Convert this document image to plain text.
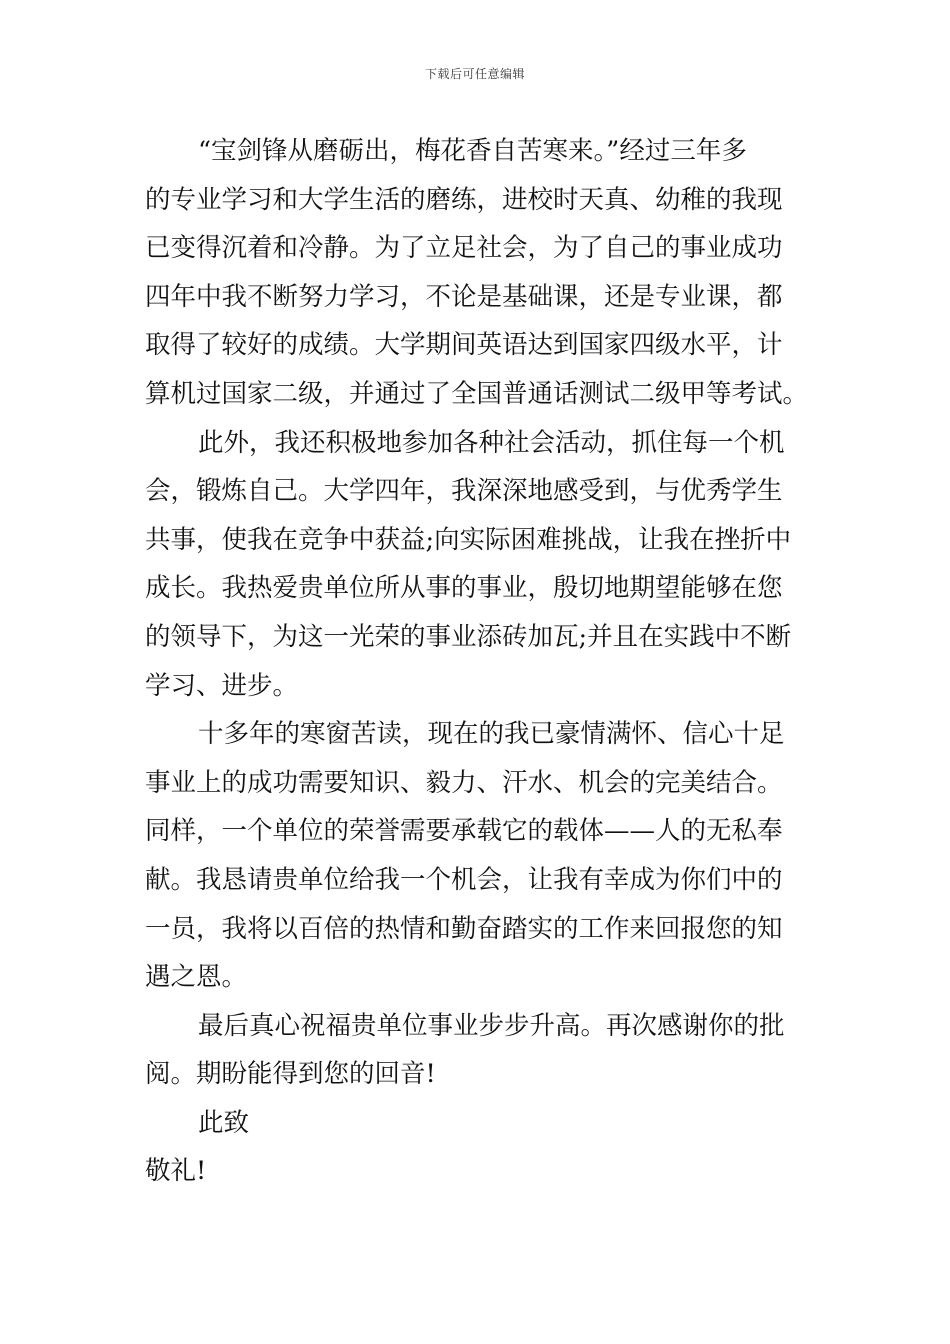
下载后可任意编辑

“宝剑锋从磨砺出，梅花香自苦寒来。”经过三年多
的专业学习和大学生活的磨练，进校时天真、幼稚的我现
已变得沉着和冷静。为了立足社会，为了自己的事业成功
四年中我不断努力学习，不论是基础课，还是专业课，都
取得了较好的成绩。大学期间英语达到国家四级水平，计
算机过国家二级，并通过了全国普通话测试二级甲等考试。

此外，我还积极地参加各种社会活动，抓住每一个机
会，锻炼自己。大学四年，我深深地感受到，与优秀学生
共事，使我在竞争中获益;向实际困难挑战，让我在挫折中
成长。我热爱贵单位所从事的事业，殷切地期望能够在您
的领导下，为这一光荣的事业添砖加瓦;并且在实践中不断
学习、进步。

十多年的寒窗苦读，现在的我已豪情满怀、信心十足
事业上的成功需要知识、毅力、汗水、机会的完美结合。
同样，一个单位的荣誉需要承载它的载体——人的无私奉
献。我恳请贵单位给我一个机会，让我有幸成为你们中的
一员，我将以百倍的热情和勤奋踏实的工作来回报您的知
遇之恩。

最后真心祝福贵单位事业步步升高。再次感谢你的批
阅。期盼能得到您的回音!

此致
敬礼!
